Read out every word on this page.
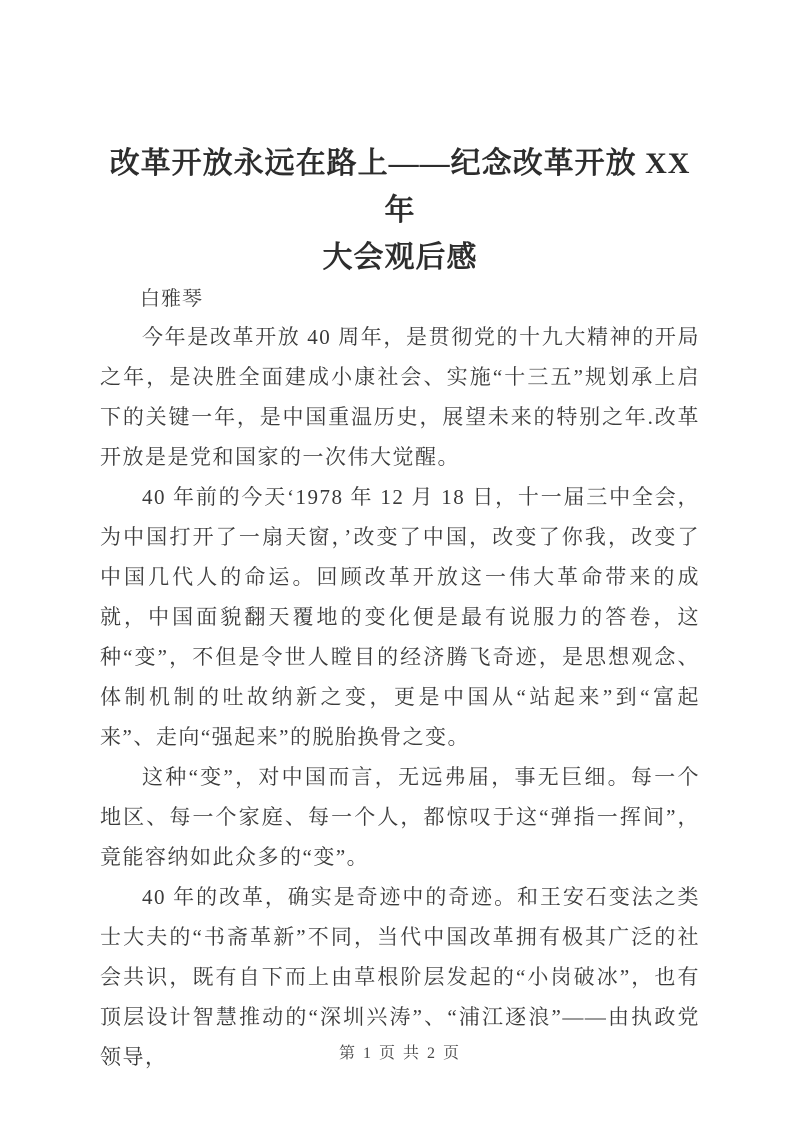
改革开放永远在路上——纪念改革开放 XX 年
大会观后感

白雅琴

今年是改革开放 40 周年，是贯彻党的十九大精神的开局之年，是决胜全面建成小康社会、实施“十三五”规划承上启下的关键一年，是中国重温历史，展望未来的特别之年.改革开放是是党和国家的一次伟大觉醒。

40 年前的今天‘1978 年 12 月 18 日，十一届三中全会，为中国打开了一扇天窗，’改变了中国，改变了你我，改变了中国几代人的命运。回顾改革开放这一伟大革命带来的成就，中国面貌翻天覆地的变化便是最有说服力的答卷，这种“变”，不但是令世人瞠目的经济腾飞奇迹，是思想观念、体制机制的吐故纳新之变，更是中国从“站起来”到“富起来”、走向“强起来”的脱胎换骨之变。

这种“变”，对中国而言，无远弗届，事无巨细。每一个地区、每一个家庭、每一个人，都惊叹于这“弹指一挥间”，竟能容纳如此众多的“变”。

40 年的改革，确实是奇迹中的奇迹。和王安石变法之类士大夫的“书斋革新”不同，当代中国改革拥有极其广泛的社会共识，既有自下而上由草根阶层发起的“小岗破冰”，也有顶层设计智慧推动的“深圳兴涛”、“浦江逐浪”——由执政党领导，	第 1 页 共 2 页
